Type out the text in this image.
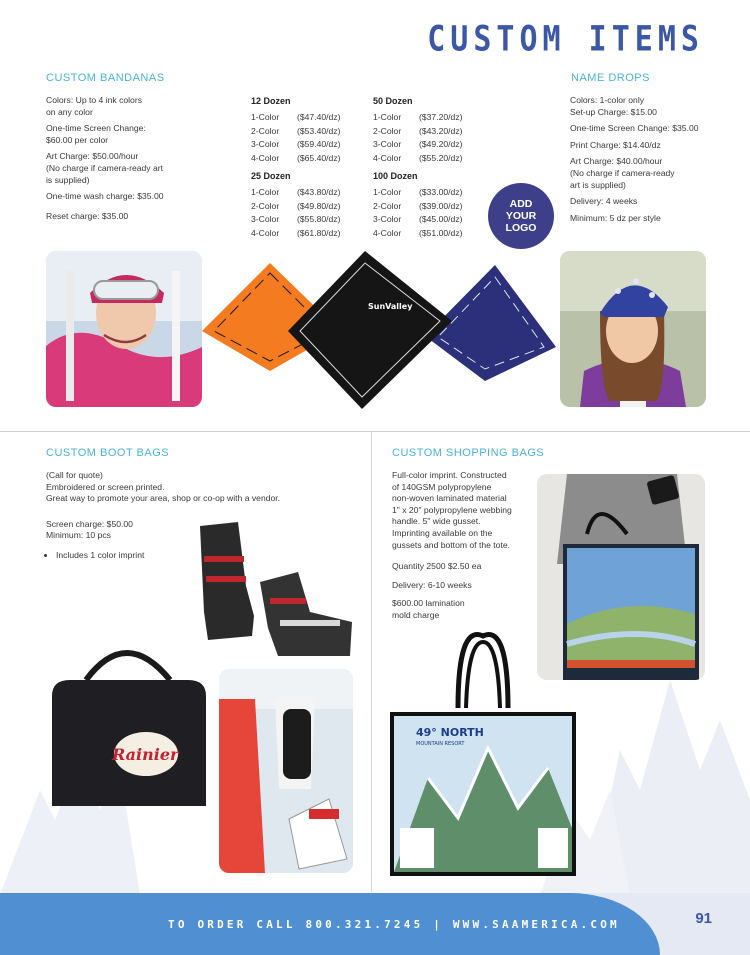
CUSTOM ITEMS
CUSTOM BANDANAS

Colors: Up to 4 ink colors
on any color

One-time Screen Change:
$60.00 per color

Art Charge: $50.00/hour
(No charge if camera-ready art
is supplied)

One-time wash charge: $35.00

Reset charge: $35.00

12 Dozen
1-Color	($47.40/dz)
2-Color	($53.40/dz)
3-Color	($59.40/dz)
4-Color	($65.40/dz)
25 Dozen
1-Color	($43.80/dz)
2-Color	($49.80/dz)
3-Color	($55.80/dz)
4-Color	($61.80/dz)
50 Dozen
1-Color	($37.20/dz)
2-Color	($43.20/dz)
3-Color	($49.20/dz)
4-Color	($55.20/dz)
100 Dozen
1-Color	($33.00/dz)
2-Color	($39.00/dz)
3-Color	($45.00/dz)
4-Color	($51.00/dz)
ADD
YOUR
LOGO
NAME DROPS

Colors: 1-color only
Set-up Charge: $15.00

One-time Screen Change: $35.00

Print Charge: $14.40/dz

Art Charge: $40.00/hour
(No charge if camera-ready
art is supplied)

Delivery: 4 weeks

Minimum: 5 dz per style

SunValley
CUSTOM BOOT BAGS

(Call for quote)
Embroidered or screen printed.
Great way to promote your area, shop or co-op with a vendor.

Screen charge: $50.00
Minimum: 10 pcs

• Includes 1 color imprint
Rainier
CUSTOM SHOPPING BAGS

Full-color imprint. Constructed
of 140GSM polypropylene
non-woven laminated material
1" x 20" polypropylene webbing
handle. 5" wide gusset.
Imprinting available on the
gussets and bottom of the tote.

Quantity 2500 $2.50 ea

Delivery: 6-10 weeks

$600.00 lamination
mold charge

49° NORTH
MOUNTAIN RESORT
TO ORDER CALL 800.321.7245 | WWW.SAAMERICA.COM	91
